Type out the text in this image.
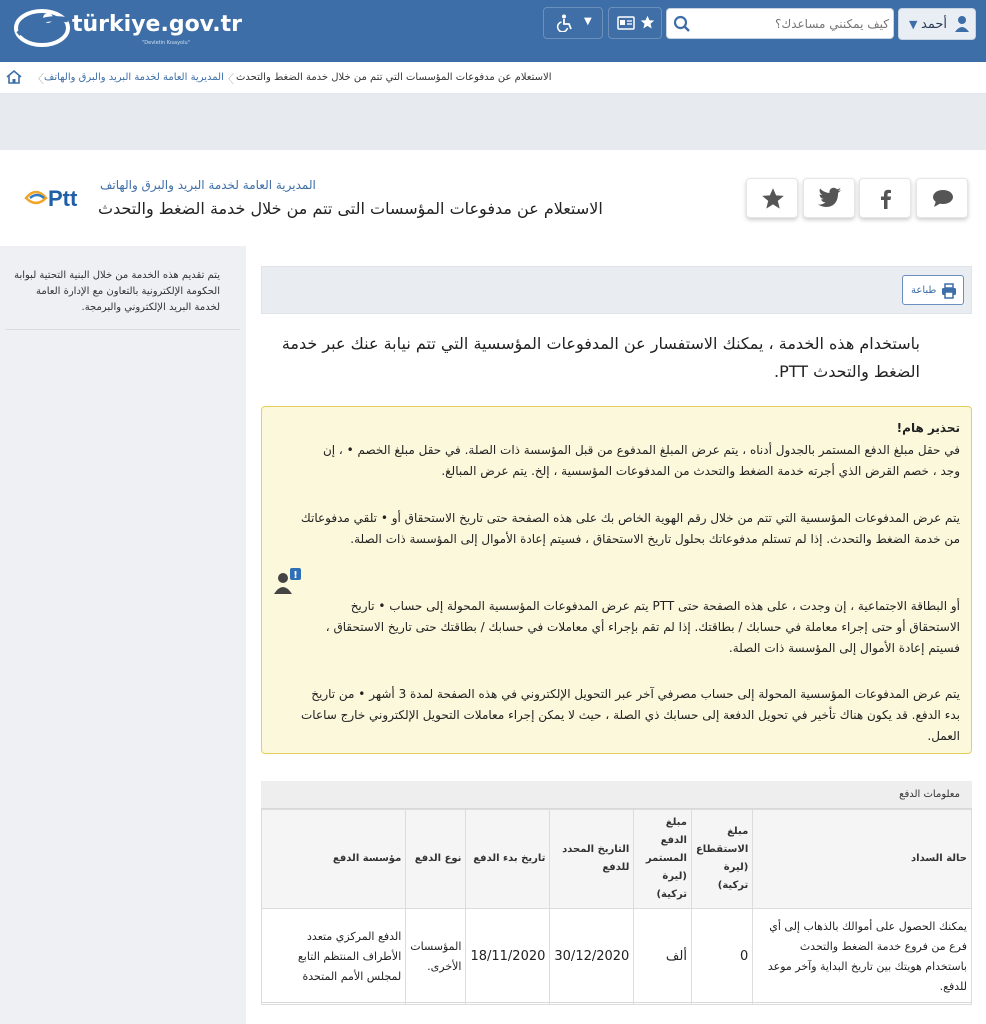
türkiye.gov.tr
"Devletin Kısayolu"
▼ أحمد
كيف يمكنني مساعدك؟
▼
〈 المديرية العامة لخدمة البريد والبرق والهاتف
〈 الاستعلام عن مدفوعات المؤسسات التي تتم من خلال خدمة الضغط والتحدث
Ptt
المديرية العامة لخدمة البريد والبرق والهاتف
الاستعلام عن مدفوعات المؤسسات التى تتم من خلال خدمة الضغط والتحدث
يتم تقديم هذه الخدمة من خلال البنية التحتية لبوابة الحكومة الإلكترونية بالتعاون مع الإدارة العامة لخدمة البريد الإلكتروني والبرمجة.
طباعة
باستخدام هذه الخدمة ، يمكنك الاستفسار عن المدفوعات المؤسسية التي تتم نيابة عنك عبر خدمة الضغط والتحدث PTT.
!
تحذير هام!
في حقل مبلغ الدفع المستمر بالجدول أدناه ، يتم عرض المبلغ المدفوع من قبل المؤسسة ذات الصلة. في حقل مبلغ الخصم • ، إن وجد ، خصم القرض الذي أجرته خدمة الضغط والتحدث من المدفوعات المؤسسية ، إلخ. يتم عرض المبالغ.
يتم عرض المدفوعات المؤسسية التي تتم من خلال رقم الهوية الخاص بك على هذه الصفحة حتى تاريخ الاستحقاق أو • تلقي مدفوعاتك من خدمة الضغط والتحدث. إذا لم تستلم مدفوعاتك بحلول تاريخ الاستحقاق ، فسيتم إعادة الأموال إلى المؤسسة ذات الصلة.
أو البطاقة الاجتماعية ، إن وجدت ، على هذه الصفحة حتى PTT يتم عرض المدفوعات المؤسسية المحولة إلى حساب • تاريخ الاستحقاق أو حتى إجراء معاملة في حسابك / بطاقتك. إذا لم تقم بإجراء أي معاملات في حسابك / بطاقتك حتى تاريخ الاستحقاق ، فسيتم إعادة الأموال إلى المؤسسة ذات الصلة.
يتم عرض المدفوعات المؤسسية المحولة إلى حساب مصرفي آخر عبر التحويل الإلكتروني في هذه الصفحة لمدة 3 أشهر • من تاريخ بدء الدفع. قد يكون هناك تأخير في تحويل الدفعة إلى حسابك ذي الصلة ، حيث لا يمكن إجراء معاملات التحويل الإلكتروني خارج ساعات العمل.
معلومات الدفع
حالة السداد	مبلغ الاستقطاع (ليرة تركية)	مبلغ الدفع المستمر (ليرة تركية)	التاريخ المحدد للدفع	تاريخ بدء الدفع	نوع الدفع	مؤسسة الدفع
يمكنك الحصول على أموالك بالذهاب إلى أي فرع من فروع خدمة الضغط والتحدث باستخدام هويتك بين تاريخ البداية وآخر موعد للدفع.	0	ألف	30/12/2020	18/11/2020	المؤسسات الأخرى.	الدفع المركزي متعدد الأطراف المنتظم التابع لمجلس الأمم المتحدة
